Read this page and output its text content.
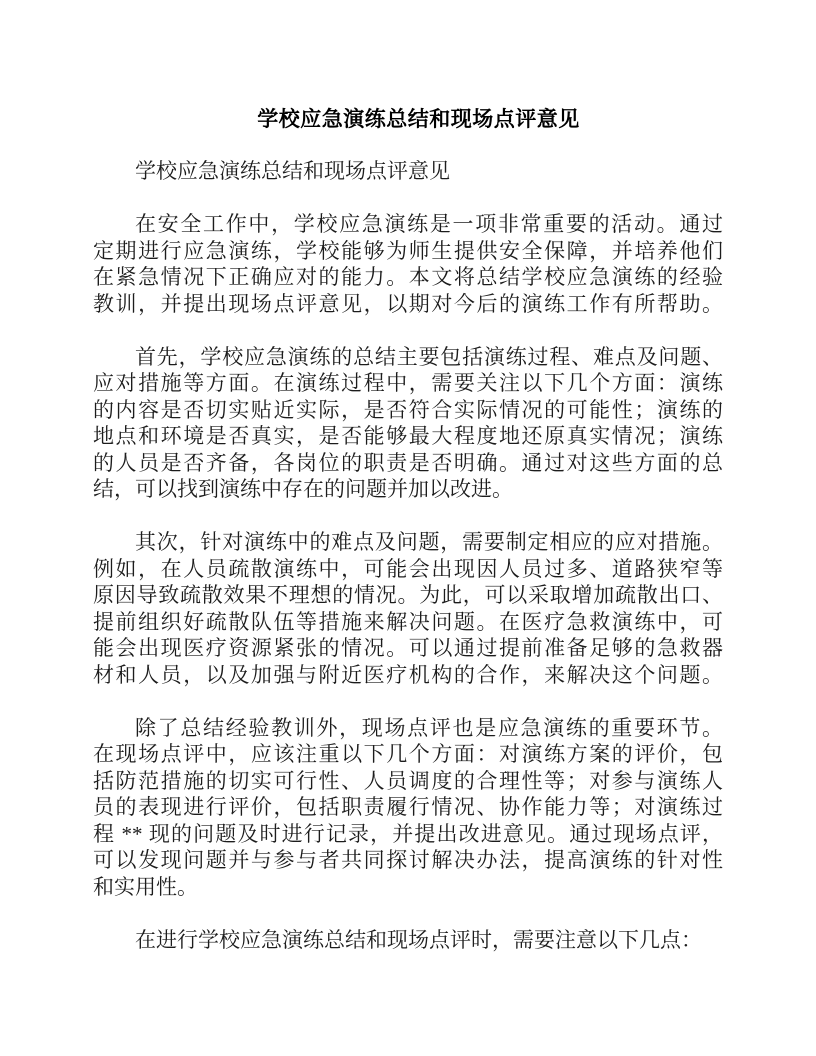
学校应急演练总结和现场点评意见
学校应急演练总结和现场点评意见
在安全工作中，学校应急演练是一项非常重要的活动。通过
定期进行应急演练，学校能够为师生提供安全保障，并培养他们
在紧急情况下正确应对的能力。本文将总结学校应急演练的经验
教训，并提出现场点评意见，以期对今后的演练工作有所帮助。
首先，学校应急演练的总结主要包括演练过程、难点及问题、
应对措施等方面。在演练过程中，需要关注以下几个方面：演练
的内容是否切实贴近实际，是否符合实际情况的可能性；演练的
地点和环境是否真实，是否能够最大程度地还原真实情况；演练
的人员是否齐备，各岗位的职责是否明确。通过对这些方面的总
结，可以找到演练中存在的问题并加以改进。
其次，针对演练中的难点及问题，需要制定相应的应对措施。
例如，在人员疏散演练中，可能会出现因人员过多、道路狭窄等
原因导致疏散效果不理想的情况。为此，可以采取增加疏散出口、
提前组织好疏散队伍等措施来解决问题。在医疗急救演练中，可
能会出现医疗资源紧张的情况。可以通过提前准备足够的急救器
材和人员，以及加强与附近医疗机构的合作，来解决这个问题。
除了总结经验教训外，现场点评也是应急演练的重要环节。
在现场点评中，应该注重以下几个方面：对演练方案的评价，包
括防范措施的切实可行性、人员调度的合理性等；对参与演练人
员的表现进行评价，包括职责履行情况、协作能力等；对演练过
程 ** 现的问题及时进行记录，并提出改进意见。通过现场点评，
可以发现问题并与参与者共同探讨解决办法，提高演练的针对性
和实用性。
在进行学校应急演练总结和现场点评时，需要注意以下几点：
